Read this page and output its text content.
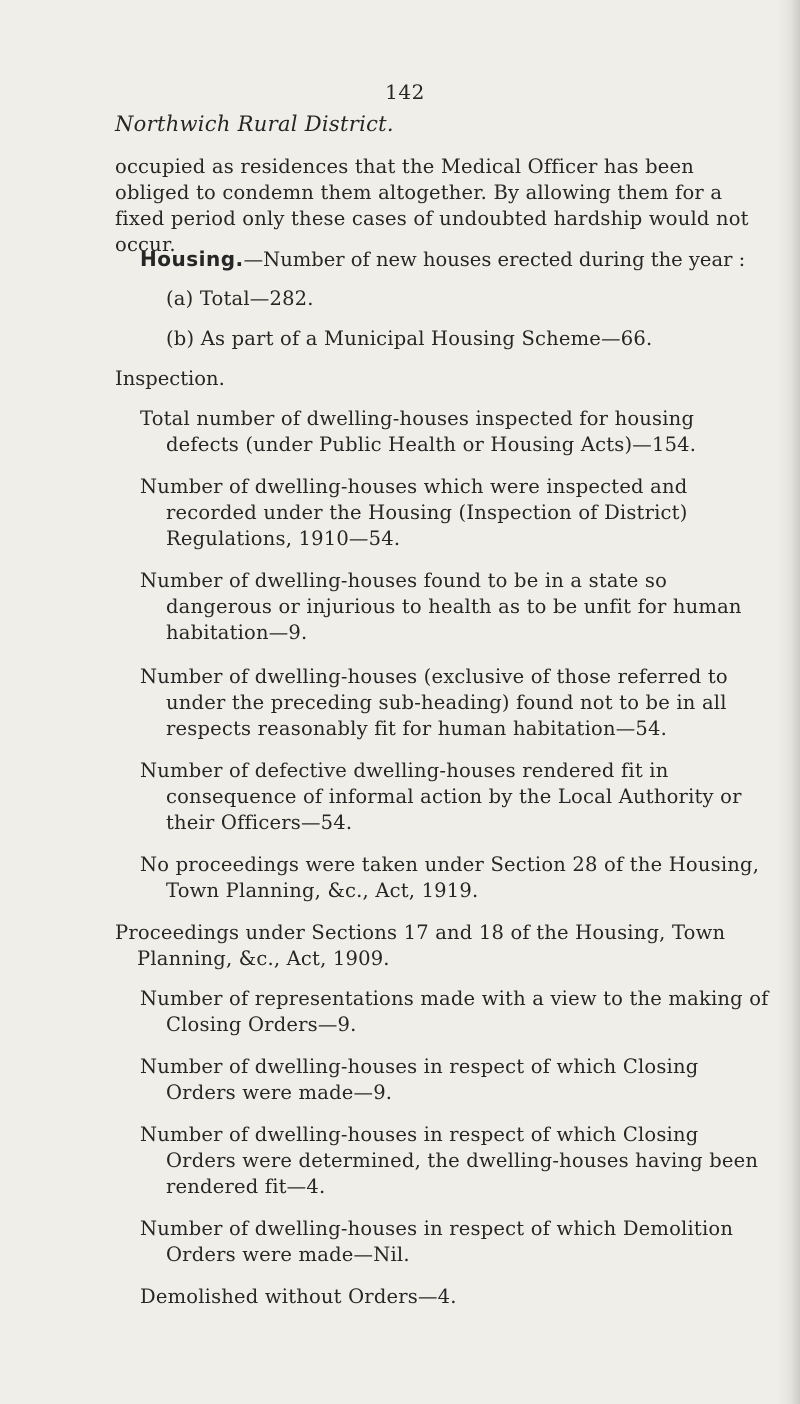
142
Northwich Rural District.
occupied as residences that the Medical Officer has been obliged to condemn them altogether. By allowing them for a fixed period only these cases of undoubted hardship would not occur.
Housing.—Number of new houses erected during the year :
(a) Total—282.
(b) As part of a Municipal Housing Scheme—66.
Inspection.
Total number of dwelling-houses inspected for housing defects (under Public Health or Housing Acts)—154.
Number of dwelling-houses which were inspected and recorded under the Housing (Inspection of District) Regulations, 1910—54.
Number of dwelling-houses found to be in a state so dangerous or injurious to health as to be unfit for human habitation—9.
Number of dwelling-houses (exclusive of those referred to under the preceding sub-heading) found not to be in all respects reasonably fit for human habitation—54.
Number of defective dwelling-houses rendered fit in consequence of informal action by the Local Authority or their Officers—54.
No proceedings were taken under Section 28 of the Housing, Town Planning, &c., Act, 1919.
Proceedings under Sections 17 and 18 of the Housing, Town Planning, &c., Act, 1909.
Number of representations made with a view to the making of Closing Orders—9.
Number of dwelling-houses in respect of which Closing Orders were made—9.
Number of dwelling-houses in respect of which Closing Orders were determined, the dwelling-houses having been rendered fit—4.
Number of dwelling-houses in respect of which Demolition Orders were made—Nil.
Demolished without Orders—4.
